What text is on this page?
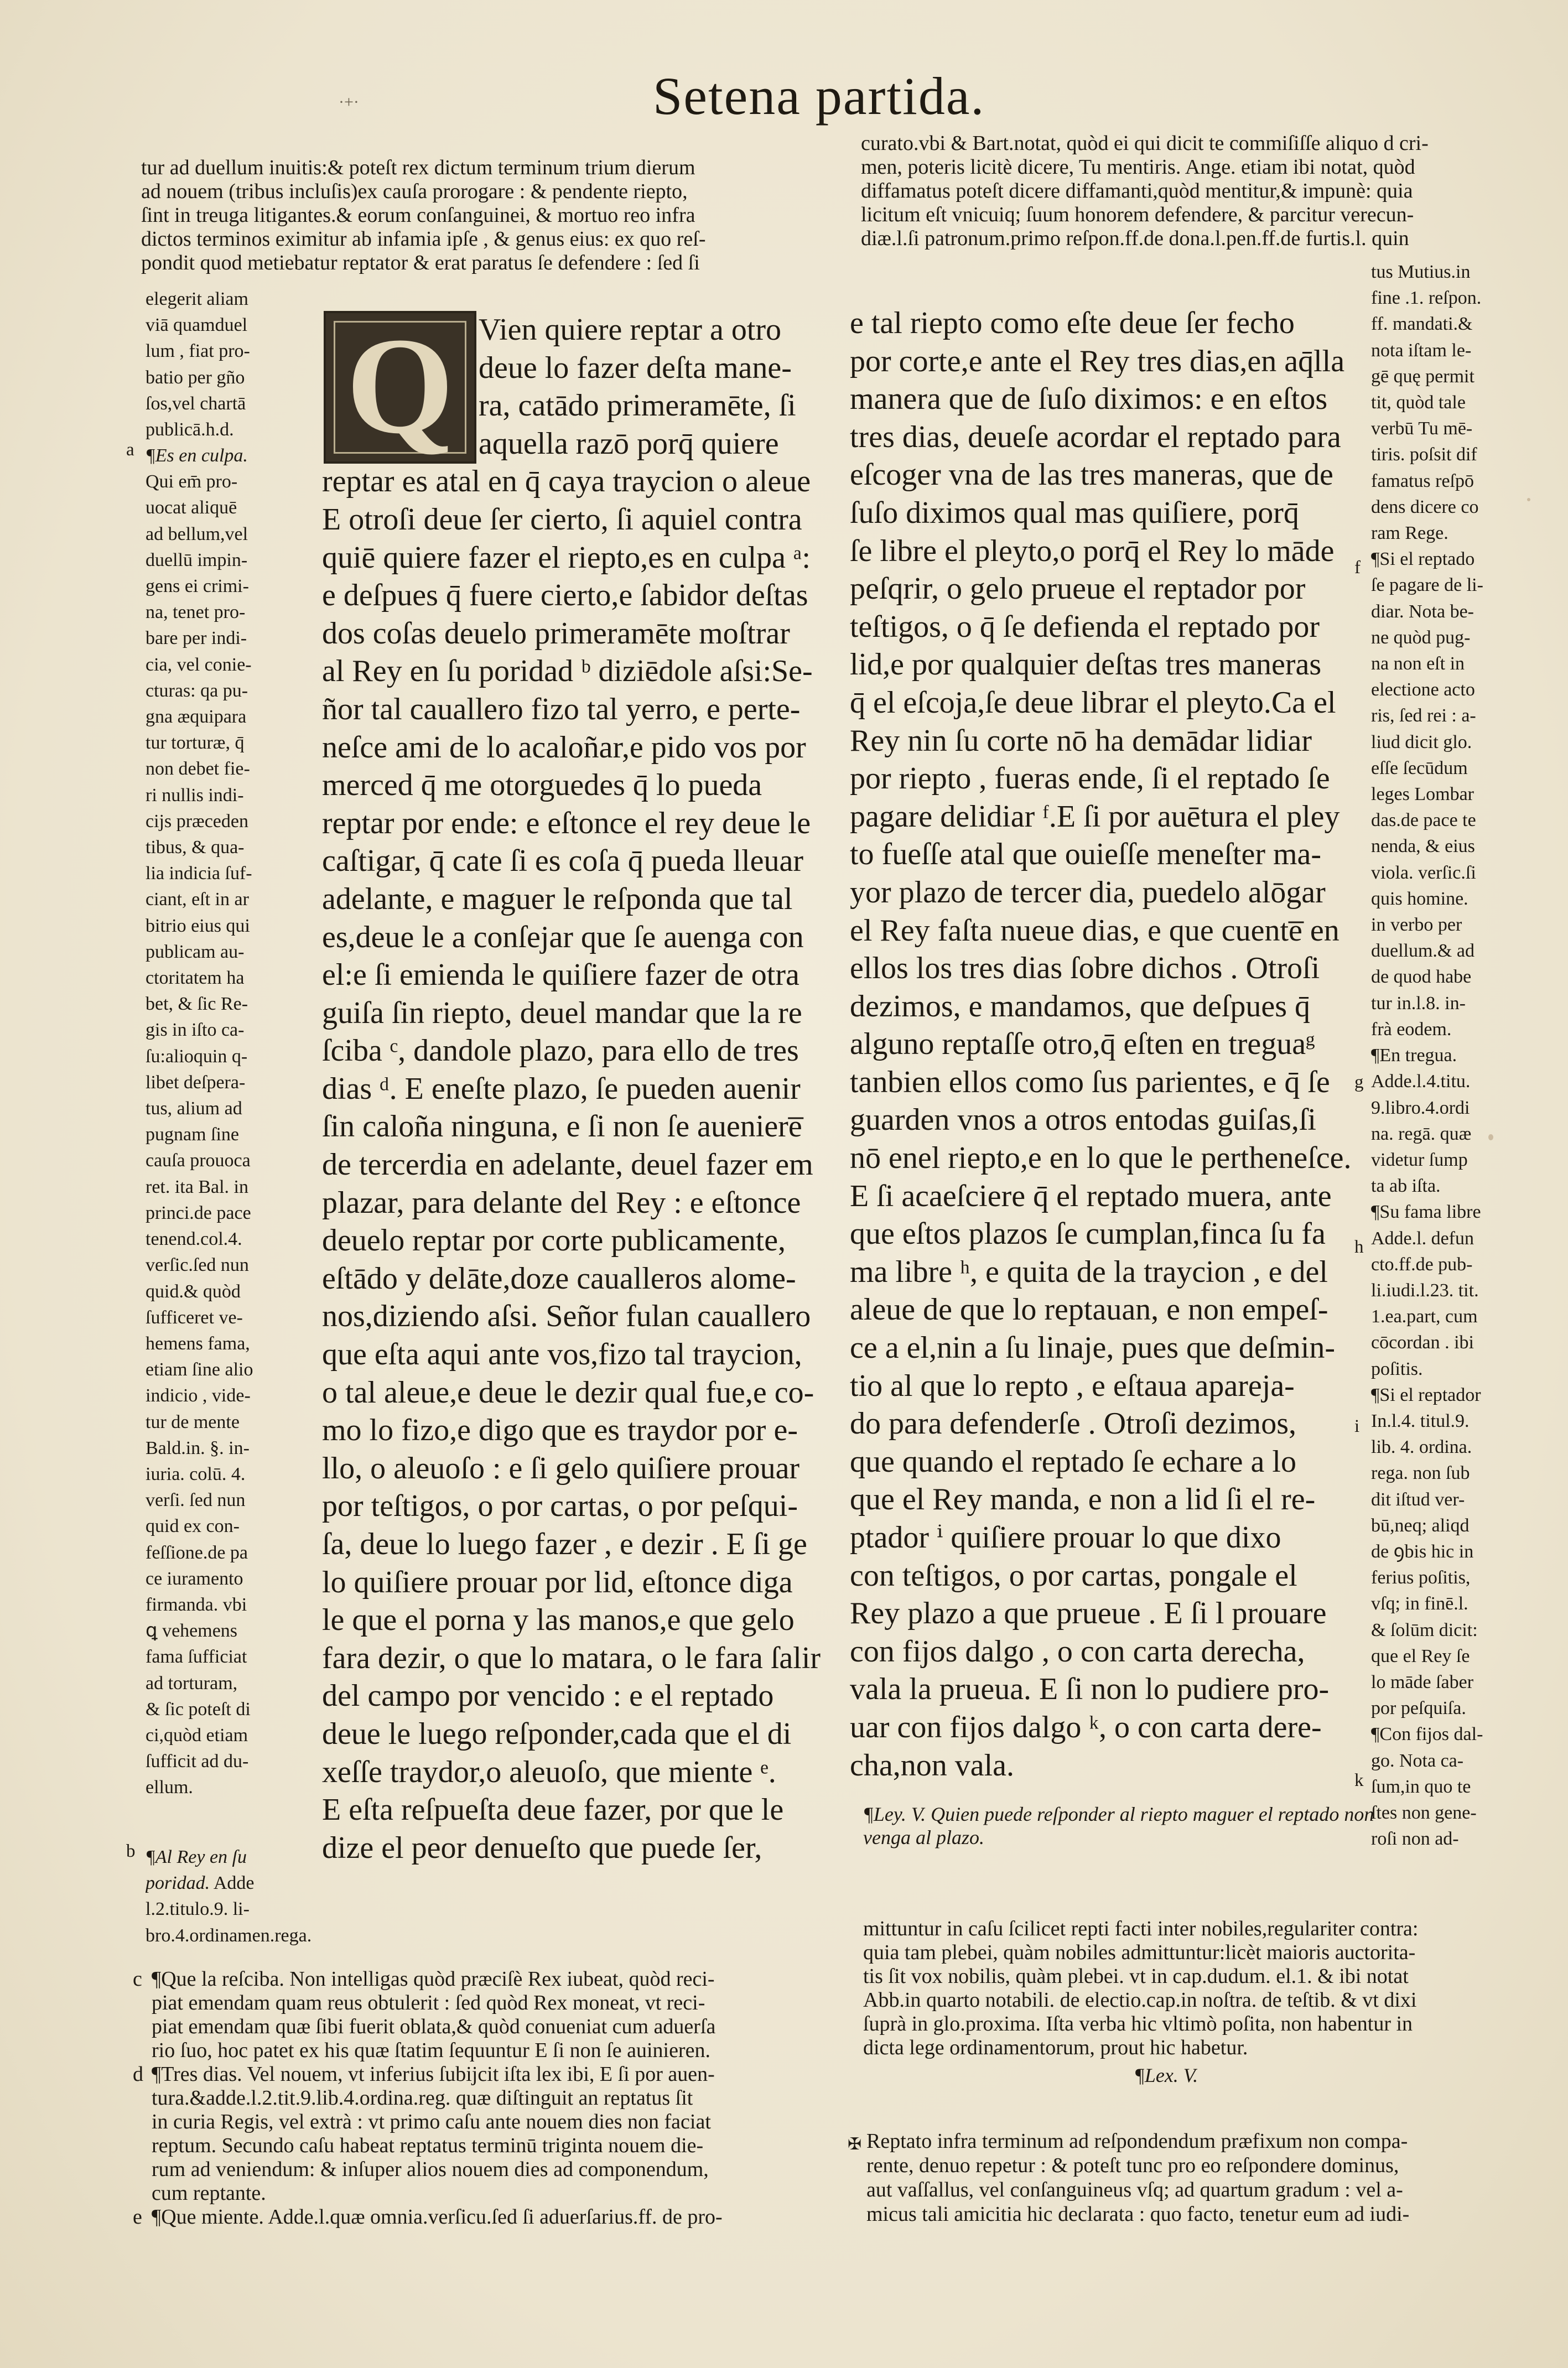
Setena partida.
·+·
tur ad duellum inuitis:& poteſt rex dictum terminum trium dierum
ad nouem (tribus incluſis)ex cauſa prorogare : & pendente riepto,
ſint in treuga litigantes.& eorum conſanguinei, & mortuo reo infra
dictos terminos eximitur ab infamia ipſe , & genus eius: ex quo reſ-
pondit quod metiebatur reptator & erat paratus ſe defendere : ſed ſi
curato.vbi & Bart.notat, quòd ei qui dicit te commiſiſſe aliquo d cri-
men, poteris licitè dicere, Tu mentiris. Ange. etiam ibi notat, quòd
diffamatus poteſt dicere diffamanti,quòd mentitur,& impunè: quia
licitum eſt vnicuiq; ſuum honorem defendere, & parcitur verecun-
diæ.l.ſi patronum.primo reſpon.ff.de dona.l.pen.ff.de furtis.l. quin
elegerit aliam
viā quamduel
lum , fiat pro-
batio per gño
ſos,vel chartā
publicā.h.d.
¶Es en culpa.
Qui em̄ pro-
uocat aliquē
ad bellum,vel
duellū impin-
gens ei crimi-
na, tenet pro-
bare per indi-
cia, vel conie-
cturas: qa pu-
gna æquipara
tur torturæ, q̄
non debet fie-
ri nullis indi-
cijs præceden
tibus, & qua-
lia indicia ſuf-
ciant, eſt in ar
bitrio eius qui
publicam au-
ctoritatem ha
bet, & ſic Re-
gis in iſto ca-
ſu:alioquin q-
libet deſpera-
tus, alium ad
pugnam ſine
cauſa prouoca
ret. ita Bal. in
princi.de pace
tenend.col.4.
verſic.ſed nun
quid.& quòd
ſufficeret ve-
hemens fama,
etiam ſine alio
indicio , vide-
tur de mente
Bald.in. §. in-
iuria. colū. 4.
verſi. ſed nun
quid ex con-
feſſione.de pa
ce iuramento
firmanda. vbi
ꝗ vehemens
fama ſufficiat
ad torturam,
& ſic poteſt di
ci,quòd etiam
ſufficit ad du-
ellum.
¶Al Rey en ſu
poridad. Adde
l.2.titulo.9. li-
bro.4.ordinamen.rega.
Q Vien quiere reptar a otro
deue lo fazer deſta mane-
ra, catādo primeramēte, ſi
aquella razō porq̄ quiere
reptar es atal en q̄ caya traycion o aleue
E otroſi deue ſer cierto, ſi aquiel contra
quiē quiere fazer el riepto,es en culpa ᵃ:
e deſpues q̄ fuere cierto,e ſabidor deſtas
dos coſas deuelo primeramēte moſtrar
al Rey en ſu poridad ᵇ diziēdole aſsi:Se-
ñor tal cauallero fizo tal yerro, e perte-
neſce ami de lo acaloñar,e pido vos por
merced q̄ me otorguedes q̄ lo pueda
reptar por ende: e eſtonce el rey deue le
caſtigar, q̄ cate ſi es coſa q̄ pueda lleuar
adelante, e maguer le reſponda que tal
es,deue le a conſejar que ſe auenga con
el:e ſi emienda le quiſiere fazer de otra
guiſa ſin riepto, deuel mandar que la re
ſciba ᶜ, dandole plazo, para ello de tres
dias ᵈ. E eneſte plazo, ſe pueden auenir
ſin caloña ninguna, e ſi non ſe aueniere̅
de tercerdia en adelante, deuel fazer em
plazar, para delante del Rey : e eſtonce
deuelo reptar por corte publicamente,
eſtādo y delāte,doze caualleros alome-
nos,diziendo aſsi. Señor fulan cauallero
que eſta aqui ante vos,fizo tal traycion,
o tal aleue,e deue le dezir qual fue,e co-
mo lo fizo,e digo que es traydor por e-
llo, o aleuoſo : e ſi gelo quiſiere prouar
por teſtigos, o por cartas, o por peſqui-
ſa, deue lo luego fazer , e dezir . E ſi ge
lo quiſiere prouar por lid, eſtonce diga
le que el porna y las manos,e que gelo
fara dezir, o que lo matara, o le fara ſalir
del campo por vencido : e el reptado
deue le luego reſponder,cada que el di
xeſſe traydor,o aleuoſo, que miente ᵉ.
E eſta reſpueſta deue fazer, por que le
dize el peor denueſto que puede ſer,
e tal riepto como eſte deue ſer fecho
por corte,e ante el Rey tres dias,en aq̄lla
manera que de ſuſo diximos: e en eſtos
tres dias, deueſe acordar el reptado para
eſcoger vna de las tres maneras, que de
ſuſo diximos qual mas quiſiere, porq̄
ſe libre el pleyto,o porq̄ el Rey lo māde
peſqrir, o gelo prueue el reptador por
teſtigos, o q̄ ſe defienda el reptado por
lid,e por qualquier deſtas tres maneras
q̄ el eſcoja,ſe deue librar el pleyto.Ca el
Rey nin ſu corte nō ha demādar lidiar
por riepto , fueras ende, ſi el reptado ſe
pagare delidiar ᶠ.E ſi por auētura el pley
to fueſſe atal que ouieſſe meneſter ma-
yor plazo de tercer dia, puedelo alōgar
el Rey faſta nueue dias, e que cuente̅ en
ellos los tres dias ſobre dichos . Otroſi
dezimos, e mandamos, que deſpues q̄
alguno reptaſſe otro,q̄ eſten en treguaᵍ
tanbien ellos como ſus parientes, e q̄ ſe
guarden vnos a otros entodas guiſas,ſi
nō enel riepto,e en lo que le pertheneſce.
E ſi acaeſciere q̄ el reptado muera, ante
que eſtos plazos ſe cumplan,finca ſu fa
ma libre ʰ, e quita de la traycion , e del
aleue de que lo reptauan, e non empeſ-
ce a el,nin a ſu linaje, pues que deſmin-
tio al que lo repto , e eſtaua apareja-
do para defenderſe . Otroſi dezimos,
que quando el reptado ſe echare a lo
que el Rey manda, e non a lid ſi el re-
ptador ⁱ quiſiere prouar lo que dixo
con teſtigos, o por cartas, pongale el
Rey plazo a que prueue . E ſi l prouare
con fijos dalgo , o con carta derecha,
vala la prueua. E ſi non lo pudiere pro-
uar con fijos dalgo ᵏ, o con carta dere-
cha,non vala.
¶Ley. V. Quien puede reſponder al riepto maguer el reptado non venga al plazo.
tus Mutius.in
fine .1. reſpon.
ff. mandati.&
nota iſtam le-
gē quę permit
tit, quòd tale
verbū Tu mē-
tiris. poſsit dif
famatus reſpō
dens dicere co
ram Rege.
¶Si el reptado
ſe pagare de li-
diar. Nota be-
ne quòd pug-
na non eſt in
electione acto
ris, ſed rei : a-
liud dicit glo.
eſſe ſecūdum
leges Lombar
das.de pace te
nenda, & eius
viola. verſic.ſi
quis homine.
in verbo per
duellum.& ad
de quod habe
tur in.l.8. in-
frà eodem.
¶En tregua.
Adde.l.4.titu.
9.libro.4.ordi
na. regā. quæ
videtur ſump
ta ab iſta.
¶Su fama libre
Adde.l. defun
cto.ff.de pub-
li.iudi.l.23. tit.
1.ea.part, cum
cōcordan . ibi
poſitis.
¶Si el reptador
In.l.4. titul.9.
lib. 4. ordina.
rega. non ſub
dit iſtud ver-
bū,neq; aliqd
de ꝯbis hic in
ferius poſitis,
vſq; in finē.l.
& ſolūm dicit:
que el Rey ſe
lo māde ſaber
por peſquiſa.
¶Con fijos dal-
go. Nota ca-
ſum,in quo te
ſtes non gene-
roſi non ad-
f
g
h
i
k
a
b
c ¶Que la reſciba. Non intelligas quòd præciſè Rex iubeat, quòd reci-
piat emendam quam reus obtulerit : ſed quòd Rex moneat, vt reci-
piat emendam quæ ſibi fuerit oblata,& quòd conueniat cum aduerſa
rio ſuo, hoc patet ex his quæ ſtatim ſequuntur E ſi non ſe auinieren.
d ¶Tres dias. Vel nouem, vt inferius ſubijcit iſta lex ibi, E ſi por auen-
tura.&adde.l.2.tit.9.lib.4.ordina.reg. quæ diſtinguit an reptatus ſit
in curia Regis, vel extrà : vt primo caſu ante nouem dies non faciat
reptum. Secundo caſu habeat reptatus terminū triginta nouem die-
rum ad veniendum: & inſuper alios nouem dies ad componendum,
cum reptante.
e ¶Que miente. Adde.l.quæ omnia.verſicu.ſed ſi aduerſarius.ff. de pro-
mittuntur in caſu ſcilicet repti facti inter nobiles,regulariter contra:
quia tam plebei, quàm nobiles admittuntur:licèt maioris auctorita-
tis ſit vox nobilis, quàm plebei. vt in cap.dudum. el.1. & ibi notat
Abb.in quarto notabili. de electio.cap.in noſtra. de teſtib. & vt dixi
ſuprà in glo.proxima. Iſta verba hic vltimò poſita, non habentur in
dicta lege ordinamentorum, prout hic habetur.
¶Lex. V.
✠ Reptato infra terminum ad reſpondendum præfixum non compa-
rente, denuo repetur : & poteſt tunc pro eo reſpondere dominus,
aut vaſſallus, vel conſanguineus vſq; ad quartum gradum : vel a-
micus tali amicitia hic declarata : quo facto, tenetur eum ad iudi-
